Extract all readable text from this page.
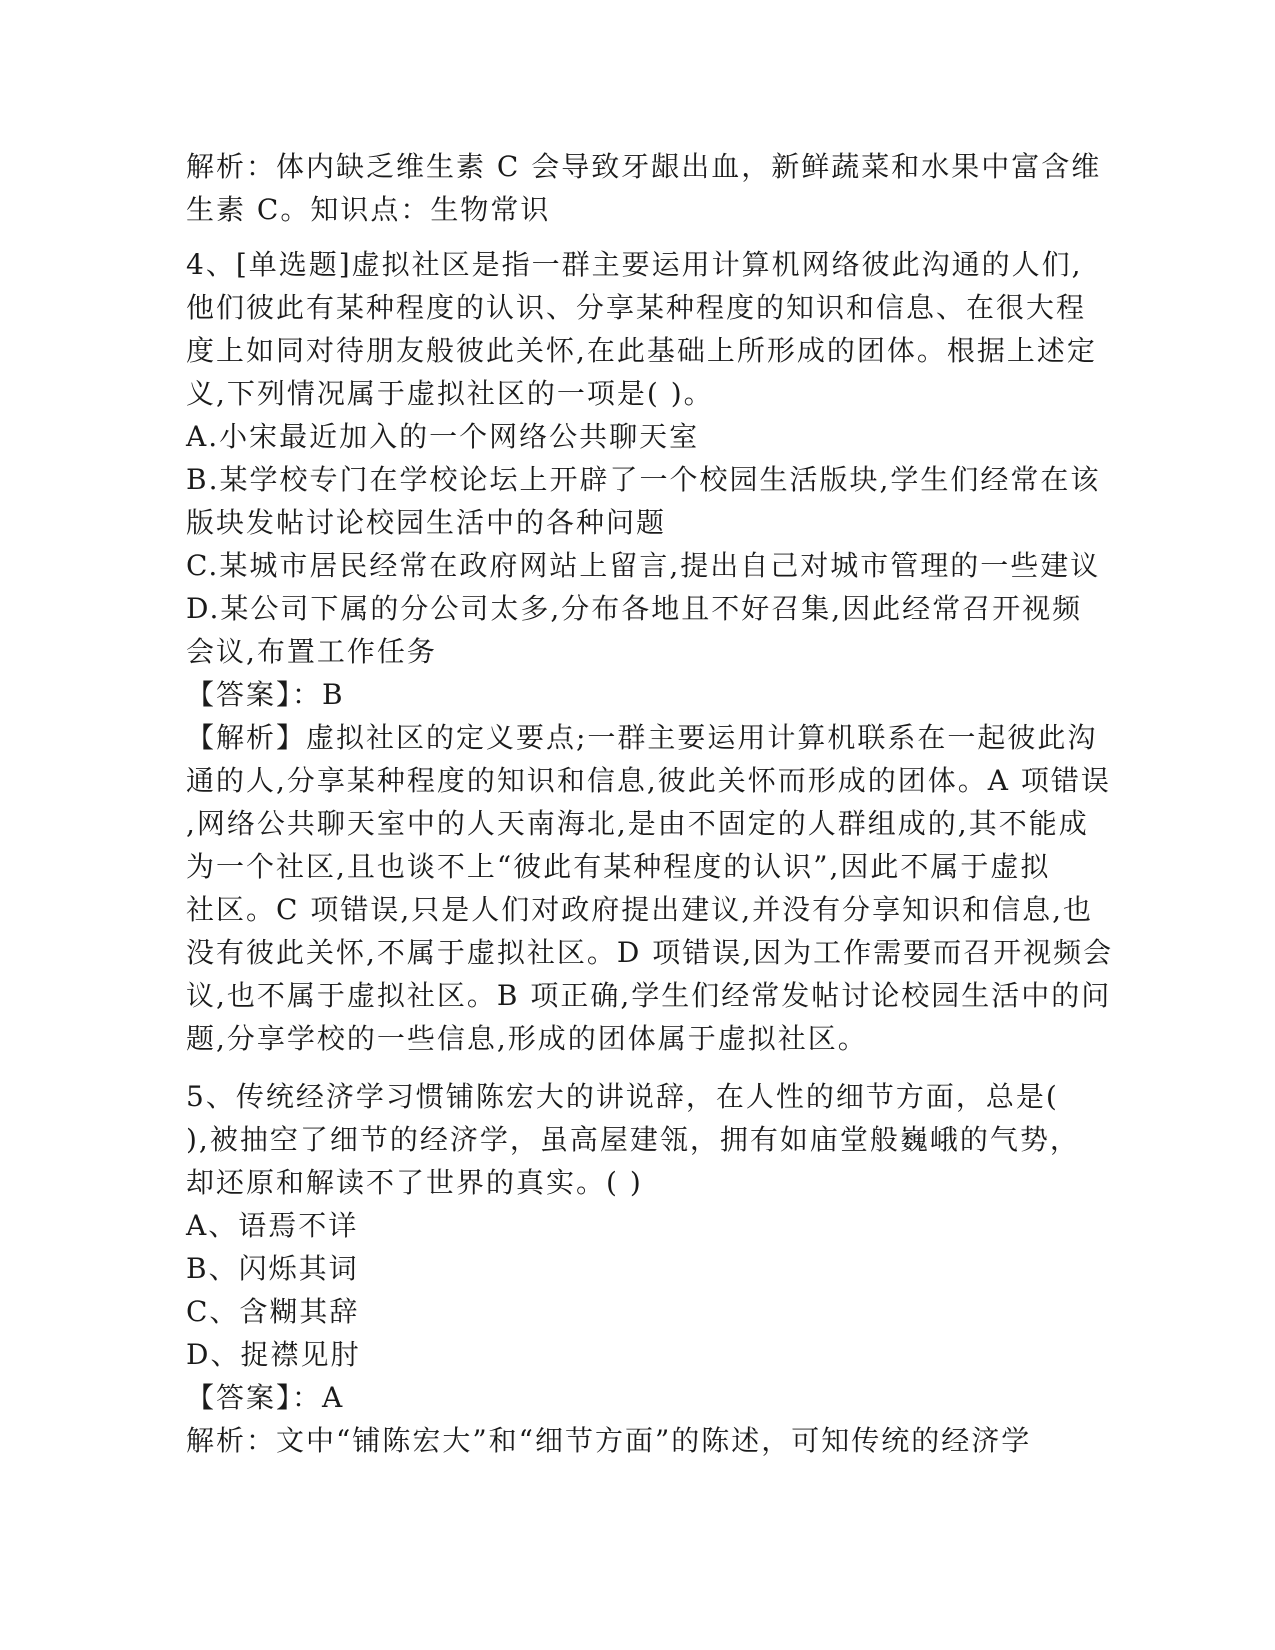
解析：体内缺乏维生素 C 会导致牙龈出血，新鲜蔬菜和水果中富含维
生素 C。知识点：生物常识
4、[单选题]虚拟社区是指一群主要运用计算机网络彼此沟通的人们,
他们彼此有某种程度的认识、分享某种程度的知识和信息、在很大程
度上如同对待朋友般彼此关怀,在此基础上所形成的团体。根据上述定
义,下列情况属于虚拟社区的一项是( )。
A.小宋最近加入的一个网络公共聊天室
B.某学校专门在学校论坛上开辟了一个校园生活版块,学生们经常在该
版块发帖讨论校园生活中的各种问题
C.某城市居民经常在政府网站上留言,提出自己对城市管理的一些建议
D.某公司下属的分公司太多,分布各地且不好召集,因此经常召开视频
会议,布置工作任务
【答案】：B
【解析】虚拟社区的定义要点;一群主要运用计算机联系在一起彼此沟
通的人,分享某种程度的知识和信息,彼此关怀而形成的团体。A 项错误
,网络公共聊天室中的人天南海北,是由不固定的人群组成的,其不能成
为一个社区,且也谈不上“彼此有某种程度的认识”,因此不属于虚拟
社区。C 项错误,只是人们对政府提出建议,并没有分享知识和信息,也
没有彼此关怀,不属于虚拟社区。D 项错误,因为工作需要而召开视频会
议,也不属于虚拟社区。B 项正确,学生们经常发帖讨论校园生活中的问
题,分享学校的一些信息,形成的团体属于虚拟社区。
5、传统经济学习惯铺陈宏大的讲说辞，在人性的细节方面，总是(
),被抽空了细节的经济学，虽高屋建瓴，拥有如庙堂般巍峨的气势，
却还原和解读不了世界的真实。( )
A、语焉不详
B、闪烁其词
C、含糊其辞
D、捉襟见肘
【答案】：A
解析：文中“铺陈宏大”和“细节方面”的陈述，可知传统的经济学
